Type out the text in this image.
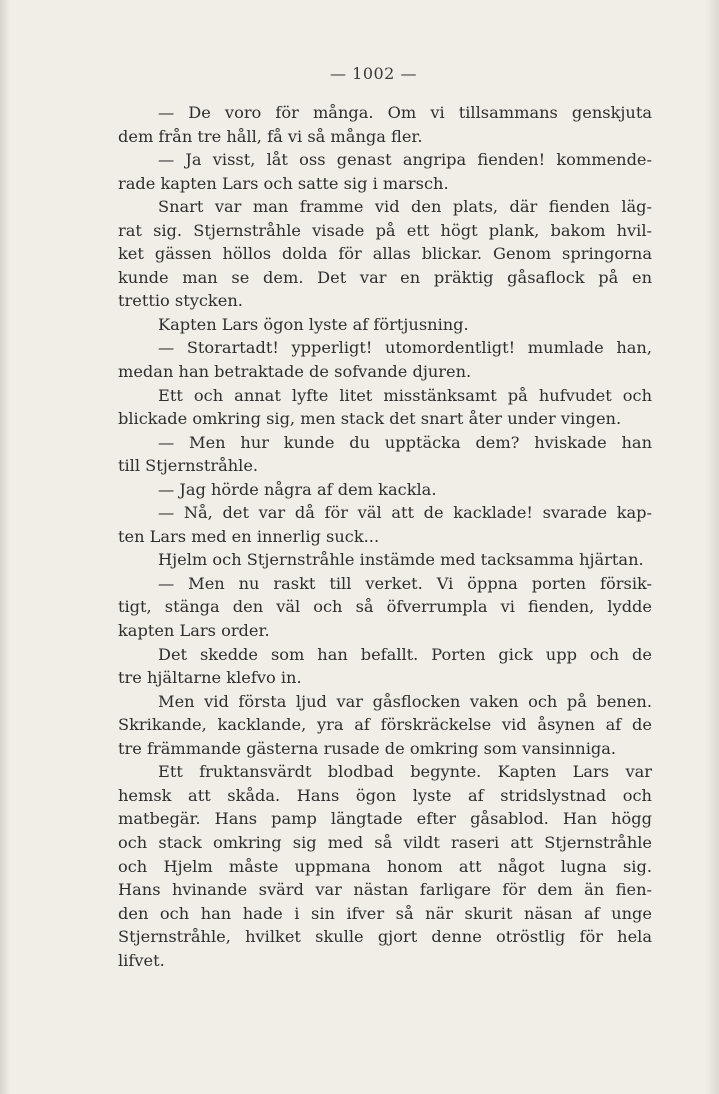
— 1002 —
— De voro för många. Om vi tillsammans genskjuta
dem från tre håll, få vi så många fler.
— Ja visst, låt oss genast angripa fienden! kommende-
rade kapten Lars och satte sig i marsch.
Snart var man framme vid den plats, där fienden läg-
rat sig. Stjernstråhle visade på ett högt plank, bakom hvil-
ket gässen höllos dolda för allas blickar. Genom springorna
kunde man se dem. Det var en präktig gåsaflock på en
trettio stycken.
Kapten Lars ögon lyste af förtjusning.
— Storartadt! ypperligt! utomordentligt! mumlade han,
medan han betraktade de sofvande djuren.
Ett och annat lyfte litet misstänksamt på hufvudet och
blickade omkring sig, men stack det snart åter under vingen.
— Men hur kunde du upptäcka dem? hviskade han
till Stjernstråhle.
— Jag hörde några af dem kackla.
— Nå, det var då för väl att de kacklade! svarade kap-
ten Lars med en innerlig suck...
Hjelm och Stjernstråhle instämde med tacksamma hjärtan.
— Men nu raskt till verket. Vi öppna porten försik-
tigt, stänga den väl och så öfverrumpla vi fienden, lydde
kapten Lars order.
Det skedde som han befallt. Porten gick upp och de
tre hjältarne klefvo in.
Men vid första ljud var gåsflocken vaken och på benen.
Skrikande, kacklande, yra af förskräckelse vid åsynen af de
tre främmande gästerna rusade de omkring som vansinniga.
Ett fruktansvärdt blodbad begynte. Kapten Lars var
hemsk att skåda. Hans ögon lyste af stridslystnad och
matbegär. Hans pamp längtade efter gåsablod. Han högg
och stack omkring sig med så vildt raseri att Stjernstråhle
och Hjelm måste uppmana honom att något lugna sig.
Hans hvinande svärd var nästan farligare för dem än fien-
den och han hade i sin ifver så när skurit näsan af unge
Stjernstråhle, hvilket skulle gjort denne otröstlig för hela
lifvet.
